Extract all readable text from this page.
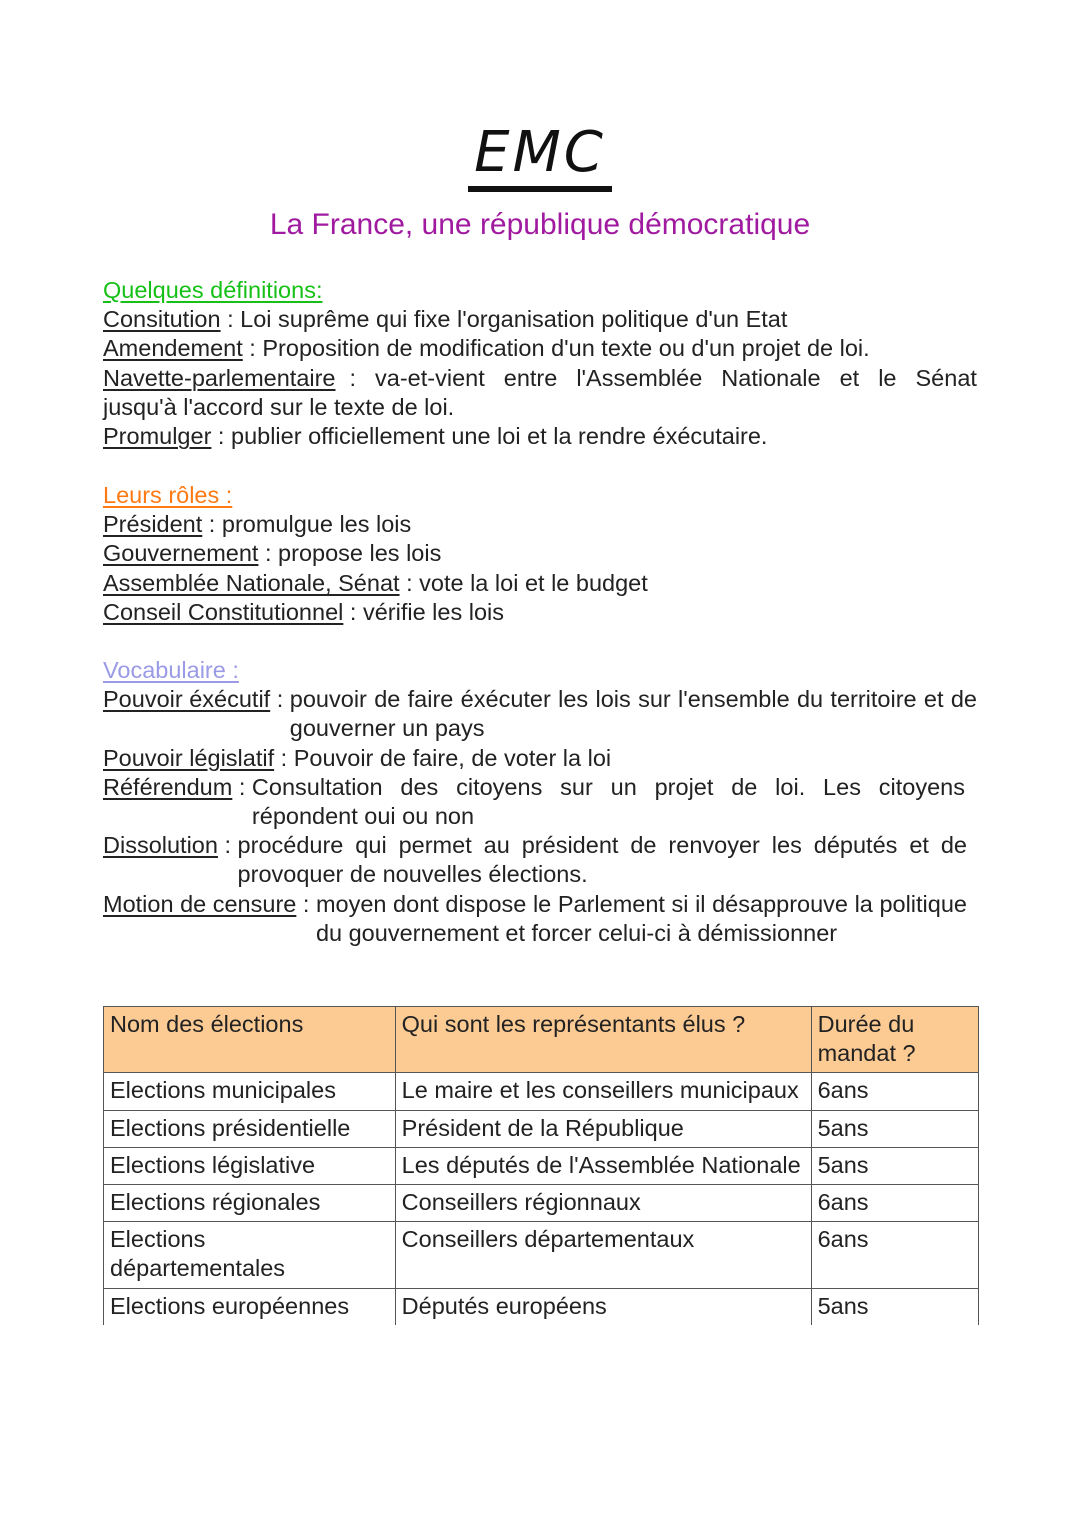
EMC
La France, une république démocratique
Quelques définitions:
Consitution : Loi suprême qui fixe l'organisation politique d'un Etat
Amendement : Proposition de modification d'un texte ou d'un projet de loi.
Navette-parlementaire : va-et-vient entre l'Assemblée Nationale et le Sénat
jusqu'à l'accord sur le texte de loi.
Promulger : publier officiellement une loi et la rendre éxécutaire.
Leurs rôles :
Président : promulgue les lois
Gouvernement : propose les lois
Assemblée Nationale, Sénat : vote la loi et le budget
Conseil Constitutionnel : vérifie les lois
Vocabulaire :
Pouvoir éxécutif : pouvoir de faire éxécuter les lois sur l'ensemble du territoire et de gouverner un pays
Pouvoir législatif : Pouvoir de faire, de voter la loi
Référendum : Consultation des citoyens sur un projet de loi. Les citoyens répondent oui ou non
Dissolution : procédure qui permet au président de renvoyer les députés et de provoquer de nouvelles élections.
Motion de censure : moyen dont dispose le Parlement si il désapprouve la politique du gouvernement et forcer celui-ci à démissionner
Nom des élections	Qui sont les représentants élus ?	Durée du mandat ?
Elections municipales	Le maire et les conseillers municipaux	6ans
Elections présidentielle	Président de la République	5ans
Elections législative	Les députés de l'Assemblée Nationale	5ans
Elections régionales	Conseillers régionnaux	6ans
Elections départementales	Conseillers départementaux	6ans
Elections européennes	Députés européens	5ans
